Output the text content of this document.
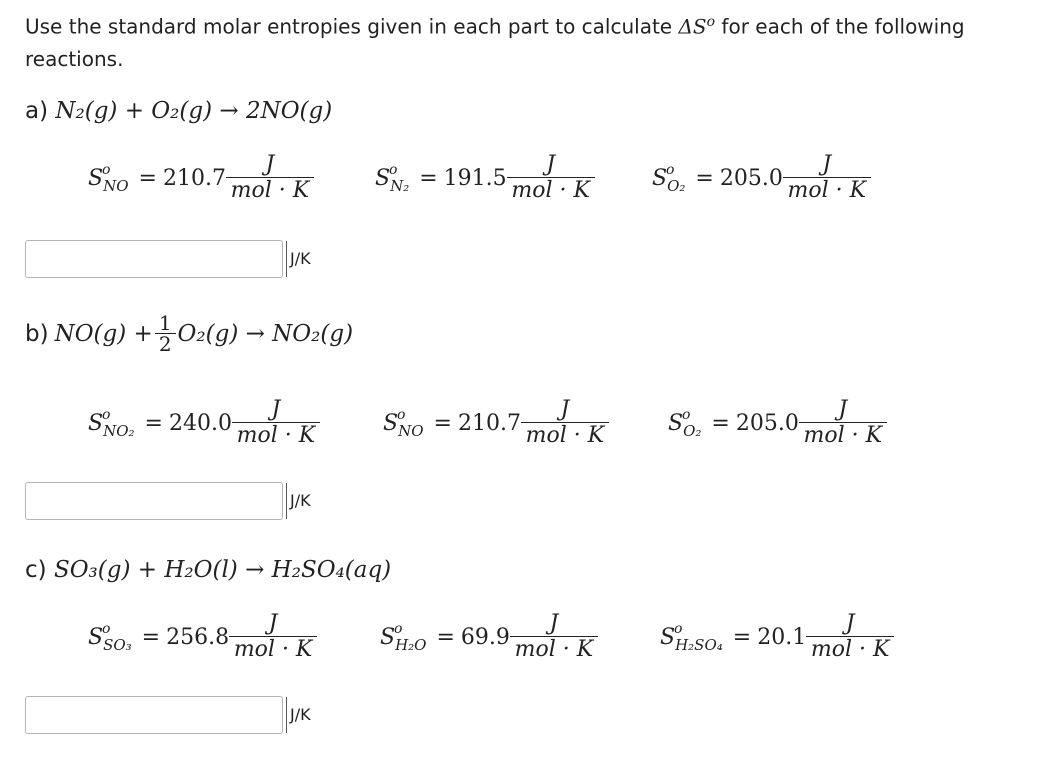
Use the standard molar entropies given in each part to calculate $\Delta S^o$ for each of the following reactions.
a) N₂(g) + O₂(g) → 2NO(g)
S
o
$_{NO} = 210.7 \frac{J}{\text{mol · K}}$	S
o
$_{N_2} = 191.5 \frac{J}{\text{mol · K}}$	S
o
$_{O_2} = 205.0 \frac{J}{\text{mol · K}}$
J/K
b) $NO(g) + \frac{1}{2} O_2(g) \to NO_2(g)$
S
o
$_{NO_2} = 240.0 \frac{J}{\text{mol · K}}$	S
o
$_{NO} = 210.7 \frac{J}{\text{mol · K}}$	S
o
$_{O_2} = 205.0 \frac{J}{\text{mol · K}}$
J/K
c) SO₃(g) + H₂O(l) → H₂SO₄(aq)
S
o
$_{SO_3} = 256.8 \frac{J}{\text{mol · K}}$	S
o
$_{H_2O} = 69.9 \frac{J}{\text{mol · K}}$	S
o
$_{H_2SO_4} = 20.1 \frac{J}{\text{mol · K}}$
J/K
